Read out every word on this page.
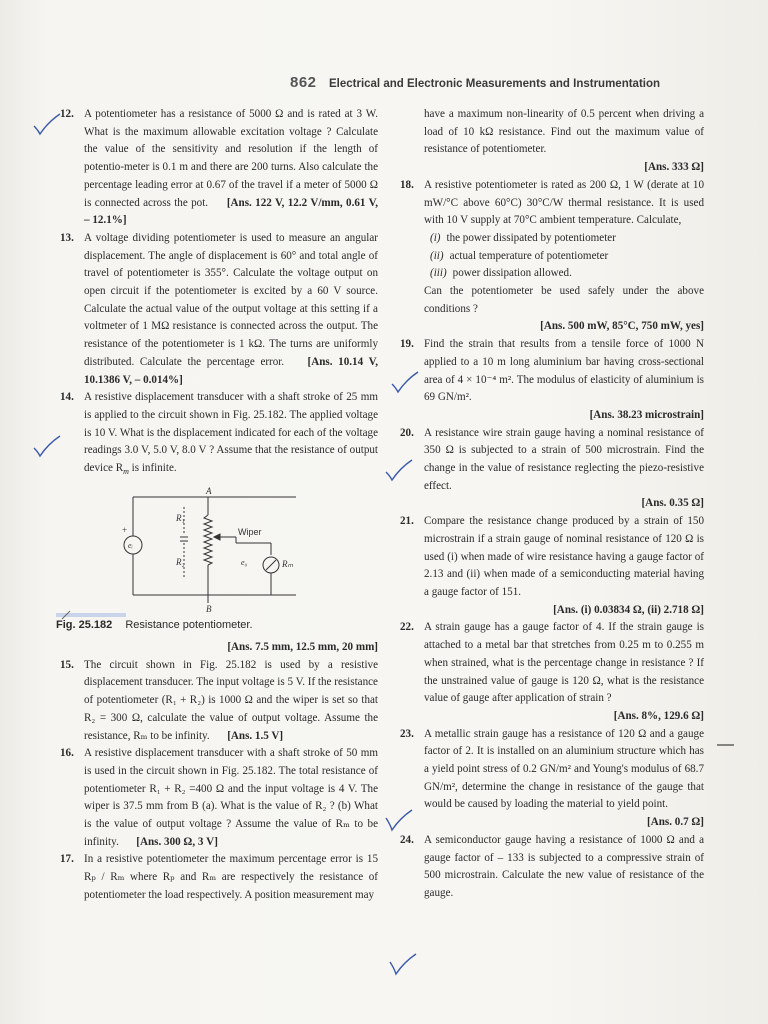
862 Electrical and Electronic Measurements and Instrumentation
12. A potentiometer has a resistance of 5000 Ω and is rated at 3 W. What is the maximum allowable excitation voltage ? Calculate the value of the sensitivity and resolution if the length of potentio-meter is 0.1 m and there are 200 turns. Also calculate the percentage leading error at 0.67 of the travel if a meter of 5000 Ω is connected across the pot. [Ans. 122 V, 12.2 V/mm, 0.61 V, – 12.1%]
13. A voltage dividing potentiometer is used to measure an angular displacement. The angle of displacement is 60° and total angle of travel of potentiometer is 355°. Calculate the voltage output on open circuit if the potentiometer is excited by a 60 V source. Calculate the actual value of the output voltage at this setting if a voltmeter of 1 MΩ resistance is connected across the output. The resistance of the potentiometer is 1 kΩ. The turns are uniformly distributed. Calculate the percentage error. [Ans. 10.14 V, 10.1386 V, – 0.014%]
14. A resistive displacement transducer with a shaft stroke of 25 mm is applied to the circuit shown in Fig. 25.182. The applied voltage is 10 V. What is the displacement indicated for each of the voltage readings 3.0 V, 5.0 V, 8.0 V ? Assume that the resistance of output device $R_m$ is infinite.
A
B
R₁
R₂
eᵢ
+
e₀	Rₘ
Wiper
Fig. 25.182 Resistance potentiometer.
[Ans. 7.5 mm, 12.5 mm, 20 mm]
15. The circuit shown in Fig. 25.182 is used by a resistive displacement transducer. The input voltage is 5 V. If the resistance of potentiometer (R₁ + R₂) is 1000 Ω and the wiper is set so that R₂ = 300 Ω, calculate the value of output voltage. Assume the resistance, Rₘ to be infinity. [Ans. 1.5 V]
16. A resistive displacement transducer with a shaft stroke of 50 mm is used in the circuit shown in Fig. 25.182. The total resistance of potentiometer R₁ + R₂ =400 Ω and the input voltage is 4 V. The wiper is 37.5 mm from B (a). What is the value of R₂ ? (b) What is the value of output voltage ? Assume the value of Rₘ to be infinity. [Ans. 300 Ω, 3 V]
17. In a resistive potentiometer the maximum percentage error is 15 Rₚ / Rₘ where Rₚ and Rₘ are respectively the resistance of potentiometer the load respectively. A position measurement may
have a maximum non-linearity of 0.5 percent when driving a load of 10 kΩ resistance. Find out the maximum value of resistance of potentiometer.
[Ans. 333 Ω]
18. A resistive potentiometer is rated as 200 Ω, 1 W (derate at 10 mW/°C above 60°C) 30°C/W thermal resistance. It is used with 10 V supply at 70°C ambient temperature. Calculate,
(i) the power dissipated by potentiometer
(ii) actual temperature of potentiometer
(iii) power dissipation allowed.
Can the potentiometer be used safely under the above conditions ?
[Ans. 500 mW, 85°C, 750 mW, yes]
19. Find the strain that results from a tensile force of 1000 N applied to a 10 m long aluminium bar having cross-sectional area of 4 × 10⁻⁴ m². The modulus of elasticity of aluminium is 69 GN/m².
[Ans. 38.23 microstrain]
20. A resistance wire strain gauge having a nominal resistance of 350 Ω is subjected to a strain of 500 microstrain. Find the change in the value of resistance reglecting the piezo-resistive effect.
[Ans. 0.35 Ω]
21. Compare the resistance change produced by a strain of 150 microstrain if a strain gauge of nominal resistance of 120 Ω is used (i) when made of wire resistance having a gauge factor of 2.13 and (ii) when made of a semiconducting material having a gauge factor of 151.
[Ans. (i) 0.03834 Ω, (ii) 2.718 Ω]
22. A strain gauge has a gauge factor of 4. If the strain gauge is attached to a metal bar that stretches from 0.25 m to 0.255 m when strained, what is the percentage change in resistance ? If the unstrained value of gauge is 120 Ω, what is the resistance value of gauge after application of strain ?
[Ans. 8%, 129.6 Ω]
23. A metallic strain gauge has a resistance of 120 Ω and a gauge factor of 2. It is installed on an aluminium structure which has a yield point stress of 0.2 GN/m² and Young's modulus of 68.7 GN/m², determine the change in resistance of the gauge that would be caused by loading the material to yield point.
[Ans. 0.7 Ω]
24. A semiconductor gauge having a resistance of 1000 Ω and a gauge factor of – 133 is subjected to a compressive strain of 500 microstrain. Calculate the new value of resistance of the gauge.
